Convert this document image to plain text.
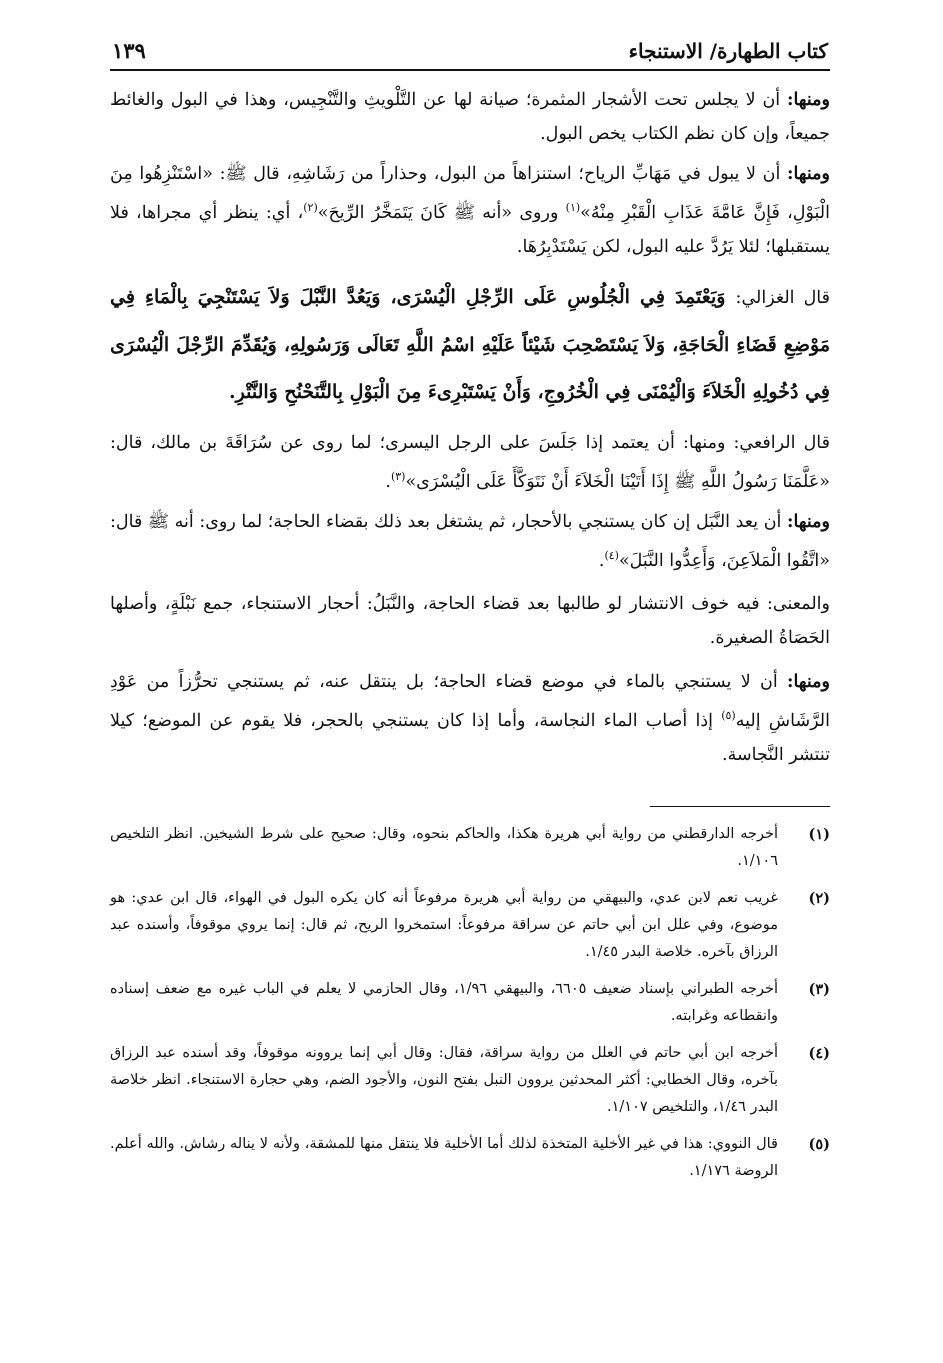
كتاب الطهارة/ الاستنجاء
١٣٩

ومنها: أن لا يجلس تحت الأشجار المثمرة؛ صيانة لها عن التَّلْويثِ والتَّنْجِيس، وهذا في البول والغائط جميعاً، وإن كان نظم الكتاب يخص البول.

ومنها: أن لا يبول في مَهَابِّ الرياح؛ استنزاهاً من البول، وحذاراً من رَشَاشِهِ، قال ﷺ: «اسْتَنْزِهُوا مِنَ الْبَوْلِ، فَإِنَّ عَامَّةَ عَذَابِ الْقَبْرِ مِنْهُ»$^{(١)}$ وروى «أنه ﷺ كَانَ يَتَمَخَّرُ الرِّيحَ»$^{(٢)}$، أي: ينظر أي مجراها، فلا يستقبلها؛ لئلا يَرُدَّ عليه البول، لكن يَسْتَدْبِرُهَا.

قال الغزالي: وَيَعْتَمِدَ فِي الْجُلُوسِ عَلَى الرِّجْلِ الْيُسْرَى، وَيَعُدَّ النَّبْلَ وَلاَ يَسْتَنْجِيَ بِالْمَاءِ فِي مَوْضِعِ قَضَاءِ الْحَاجَةِ، وَلاَ يَسْتَصْحِبَ شَيْئاً عَلَيْهِ اسْمُ اللَّهِ تَعَالَى وَرَسُولِهِ، وَيُقَدِّمَ الرِّجْلَ الْيُسْرَى فِي دُخُولِهِ الْخَلاَءَ وَالْيُمْنَى فِي الْخُرُوجِ، وَأَنْ يَسْتَبْرِىءَ مِنَ الْبَوْلِ بِالتَّنَحْنُحِ وَالنَّتْرِ.

قال الرافعي: ومنها: أن يعتمد إذا جَلَسَ على الرجل اليسرى؛ لما روى عن سُرَاقَةَ بن مالك، قال: «عَلَّمَنَا رَسُولُ اللَّهِ ﷺ إِذَا أَتَيْنَا الْخَلاَءَ أَنْ نَتَوَكَّأَ عَلَى الْيُسْرَى»$^{(٣)}$.

ومنها: أن يعد النَّبَل إن كان يستنجي بالأحجار، ثم يشتغل بعد ذلك بقضاء الحاجة؛ لما روى: أنه ﷺ قال: «اتَّقُوا الْمَلاَعِنَ، وَأَعِدُّوا النَّبَلَ»$^{(٤)}$.

والمعنى: فيه خوف الانتشار لو طالبها بعد قضاء الحاجة، والنَّبَلُ: أحجار الاستنجاء، جمع نَبْلَةٍ، وأصلها الحَصَاةُ الصغيرة.

ومنها: أن لا يستنجي بالماء في موضع قضاء الحاجة؛ بل ينتقل عنه، ثم يستنجي تحرُّزاً من عَوْدِ الرَّشَاشِ إليه$^{(٥)}$ إذا أصاب الماء النجاسة، وأما إذا كان يستنجي بالحجر، فلا يقوم عن الموضع؛ كيلا تنتشر النَّجاسة.

(١)
أخرجه الدارقطني من رواية أبي هريرة هكذا، والحاكم بنحوه، وقال: صحيح على شرط الشيخين. انظر التلخيص ١/١٠٦.
(٢)
غريب نعم لابن عدي، والبيهقي من رواية أبي هريرة مرفوعاً أنه كان يكره البول في الهواء، قال ابن عدي: هو موضوع، وفي علل ابن أبي حاتم عن سراقة مرفوعاً: استمخروا الريح، ثم قال: إنما يروي موقوفاً، وأسنده عبد الرزاق بآخره. خلاصة البدر ١/٤٥.
(٣)
أخرجه الطبراني بإسناد ضعيف ٦٦٠٥، والبيهقي ١/٩٦، وقال الحازمي لا يعلم في الباب غيره مع ضعف إسناده وانقطاعه وغرابته.
(٤)
أخرجه ابن أبي حاتم في العلل من رواية سراقة، فقال: وقال أبي إنما يروونه موقوفاً، وقد أسنده عبد الرزاق بآخره، وقال الخطابي: أكثر المحدثين يروون النبل بفتح النون، والأجود الضم، وهي حجارة الاستنجاء. انظر خلاصة البدر ١/٤٦، والتلخيص ١/١٠٧.
(٥)
قال النووي: هذا في غير الأخلية المتخذة لذلك أما الأخلية فلا ينتقل منها للمشقة، ولأنه لا يناله رشاش. والله أعلم. الروضة ١/١٧٦.
